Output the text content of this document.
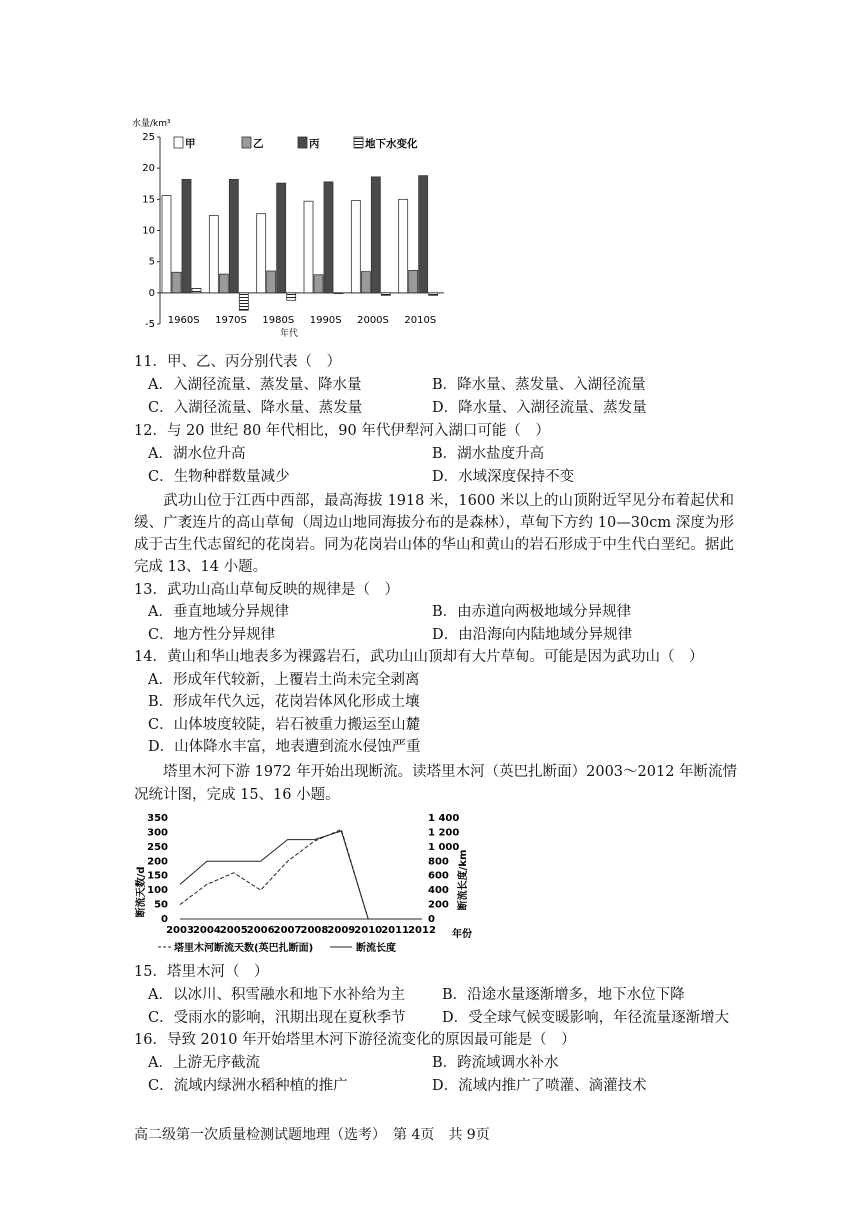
水量/km³
年代
-5
0
5
10
15
20
25
甲	乙	丙	地下水变化
1960S 1970S 1980S 1990S 2000S 2010S
11．甲、乙、丙分别代表（　）
A．入湖径流量、蒸发量、降水量	B．降水量、蒸发量、入湖径流量
C．入湖径流量、降水量、蒸发量	D．降水量、入湖径流量、蒸发量
12．与 20 世纪 80 年代相比，90 年代伊犁河入湖口可能（　）
A．湖水位升高	B．湖水盐度升高
C．生物种群数量减少	D．水域深度保持不变
　　武功山位于江西中西部，最高海拔 1918 米，1600 米以上的山顶附近罕见分布着起伏和缓、广袤连片的高山草甸（周边山地同海拔分布的是森林），草甸下方约 10—30cm 深度为形成于古生代志留纪的花岗岩。同为花岗岩山体的华山和黄山的岩石形成于中生代白垩纪。据此完成 13、14 小题。
13．武功山高山草甸反映的规律是（　）
A．垂直地域分异规律	B．由赤道向两极地域分异规律
C．地方性分异规律	D．由沿海向内陆地域分异规律
14．黄山和华山地表多为裸露岩石，武功山山顶却有大片草甸。可能是因为武功山（　）
A．形成年代较新，上覆岩土尚未完全剥离
B．形成年代久远，花岗岩体风化形成土壤
C．山体坡度较陡，岩石被重力搬运至山麓
D．山体降水丰富，地表遭到流水侵蚀严重
　　塔里木河下游 1972 年开始出现断流。读塔里木河（英巴扎断面）2003～2012 年断流情
况统计图，完成 15、16 小题。
断流天数/d	断流长度/km
年份
0
50
100
150
200
250
300
350
0
200
400
600
800
1 000
1 200
1 400
2003 2004 2005 2006 2007 2008 2009 2010 2011 2012
塔里木河断流天数(英巴扎断面)	断流长度
15．塔里木河（　）
A．以冰川、积雪融水和地下水补给为主	B．沿途水量逐渐增多，地下水位下降
C．受雨水的影响，汛期出现在夏秋季节	D．受全球气候变暖影响，年径流量逐渐增大
16．导致 2010 年开始塔里木河下游径流变化的原因最可能是（　）
A．上游无序截流	B．跨流域调水补水
C．流域内绿洲水稻种植的推广	D．流域内推广了喷灌、滴灌技术
高二级第一次质量检测试题地理（选考）　第 4页　共 9页
